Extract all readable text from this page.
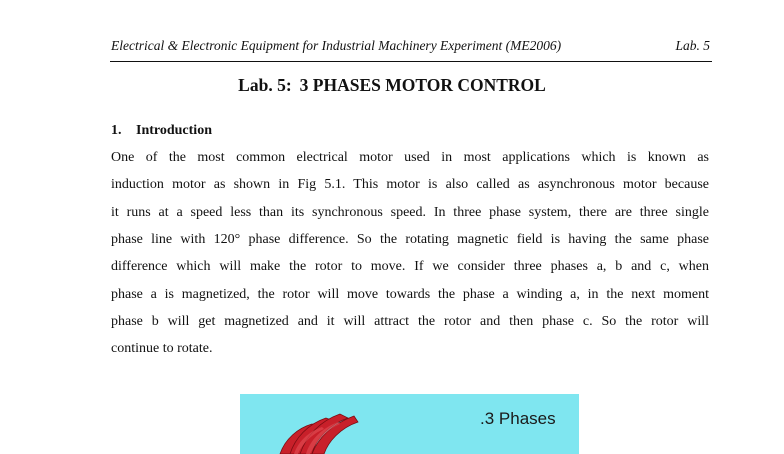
Electrical & Electronic Equipment for Industrial Machinery Experiment (ME2006)	Lab. 5
Lab. 5: 3 PHASES MOTOR CONTROL
1. Introduction
One of the most common electrical motor used in most applications which is known as
induction motor as shown in Fig 5.1. This motor is also called as asynchronous motor because
it runs at a speed less than its synchronous speed. In three phase system, there are three single
phase line with 120° phase difference. So the rotating magnetic field is having the same phase
difference which will make the rotor to move. If we consider three phases a, b and c, when
phase a is magnetized, the rotor will move towards the phase a winding a, in the next moment
phase b will get magnetized and it will attract the rotor and then phase c. So the rotor will
continue to rotate.
.3 Phases
